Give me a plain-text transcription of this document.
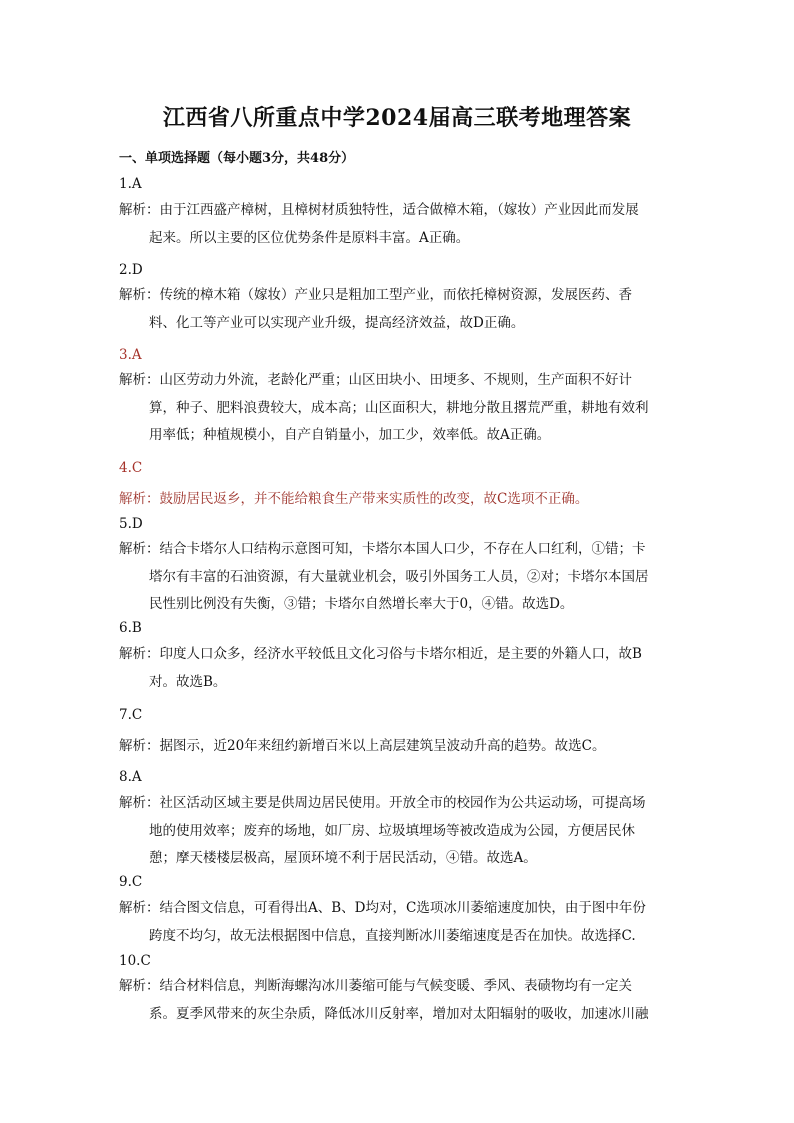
江西省八所重点中学2024届高三联考地理答案
一、单项选择题（每小题3分，共48分）
1.A
解析：由于江西盛产樟树，且樟树材质独特性，适合做樟木箱，（嫁妆）产业因此而发展
起来。所以主要的区位优势条件是原料丰富。A正确。
2.D
解析：传统的樟木箱（嫁妆）产业只是粗加工型产业，而依托樟树资源，发展医药、香
料、化工等产业可以实现产业升级，提高经济效益，故D正确。
3.A
解析：山区劳动力外流，老龄化严重；山区田块小、田埂多、不规则，生产面积不好计
算，种子、肥料浪费较大，成本高；山区面积大，耕地分散且撂荒严重，耕地有效利
用率低；种植规模小，自产自销量小，加工少，效率低。故A正确。
4.C
解析：鼓励居民返乡，并不能给粮食生产带来实质性的改变，故C选项不正确。
5.D
解析：结合卡塔尔人口结构示意图可知，卡塔尔本国人口少，不存在人口红利，①错；卡
塔尔有丰富的石油资源，有大量就业机会，吸引外国务工人员，②对；卡塔尔本国居
民性别比例没有失衡，③错；卡塔尔自然增长率大于0，④错。故选D。
6.B
解析：印度人口众多，经济水平较低且文化习俗与卡塔尔相近，是主要的外籍人口，故B
对。故选B。
7.C
解析：据图示，近20年来纽约新增百米以上高层建筑呈波动升高的趋势。故选C。
8.A
解析：社区活动区域主要是供周边居民使用。开放全市的校园作为公共运动场，可提高场
地的使用效率；废弃的场地，如厂房、垃圾填埋场等被改造成为公园，方便居民休
憩；摩天楼楼层极高，屋顶环境不利于居民活动，④错。故选A。
9.C
解析：结合图文信息，可看得出A、B、D均对，C选项冰川萎缩速度加快，由于图中年份
跨度不均匀，故无法根据图中信息，直接判断冰川萎缩速度是否在加快。故选择C.
10.C
解析：结合材料信息，判断海螺沟冰川萎缩可能与气候变暖、季风、表碛物均有一定关
系。夏季风带来的灰尘杂质，降低冰川反射率，增加对太阳辐射的吸收，加速冰川融
